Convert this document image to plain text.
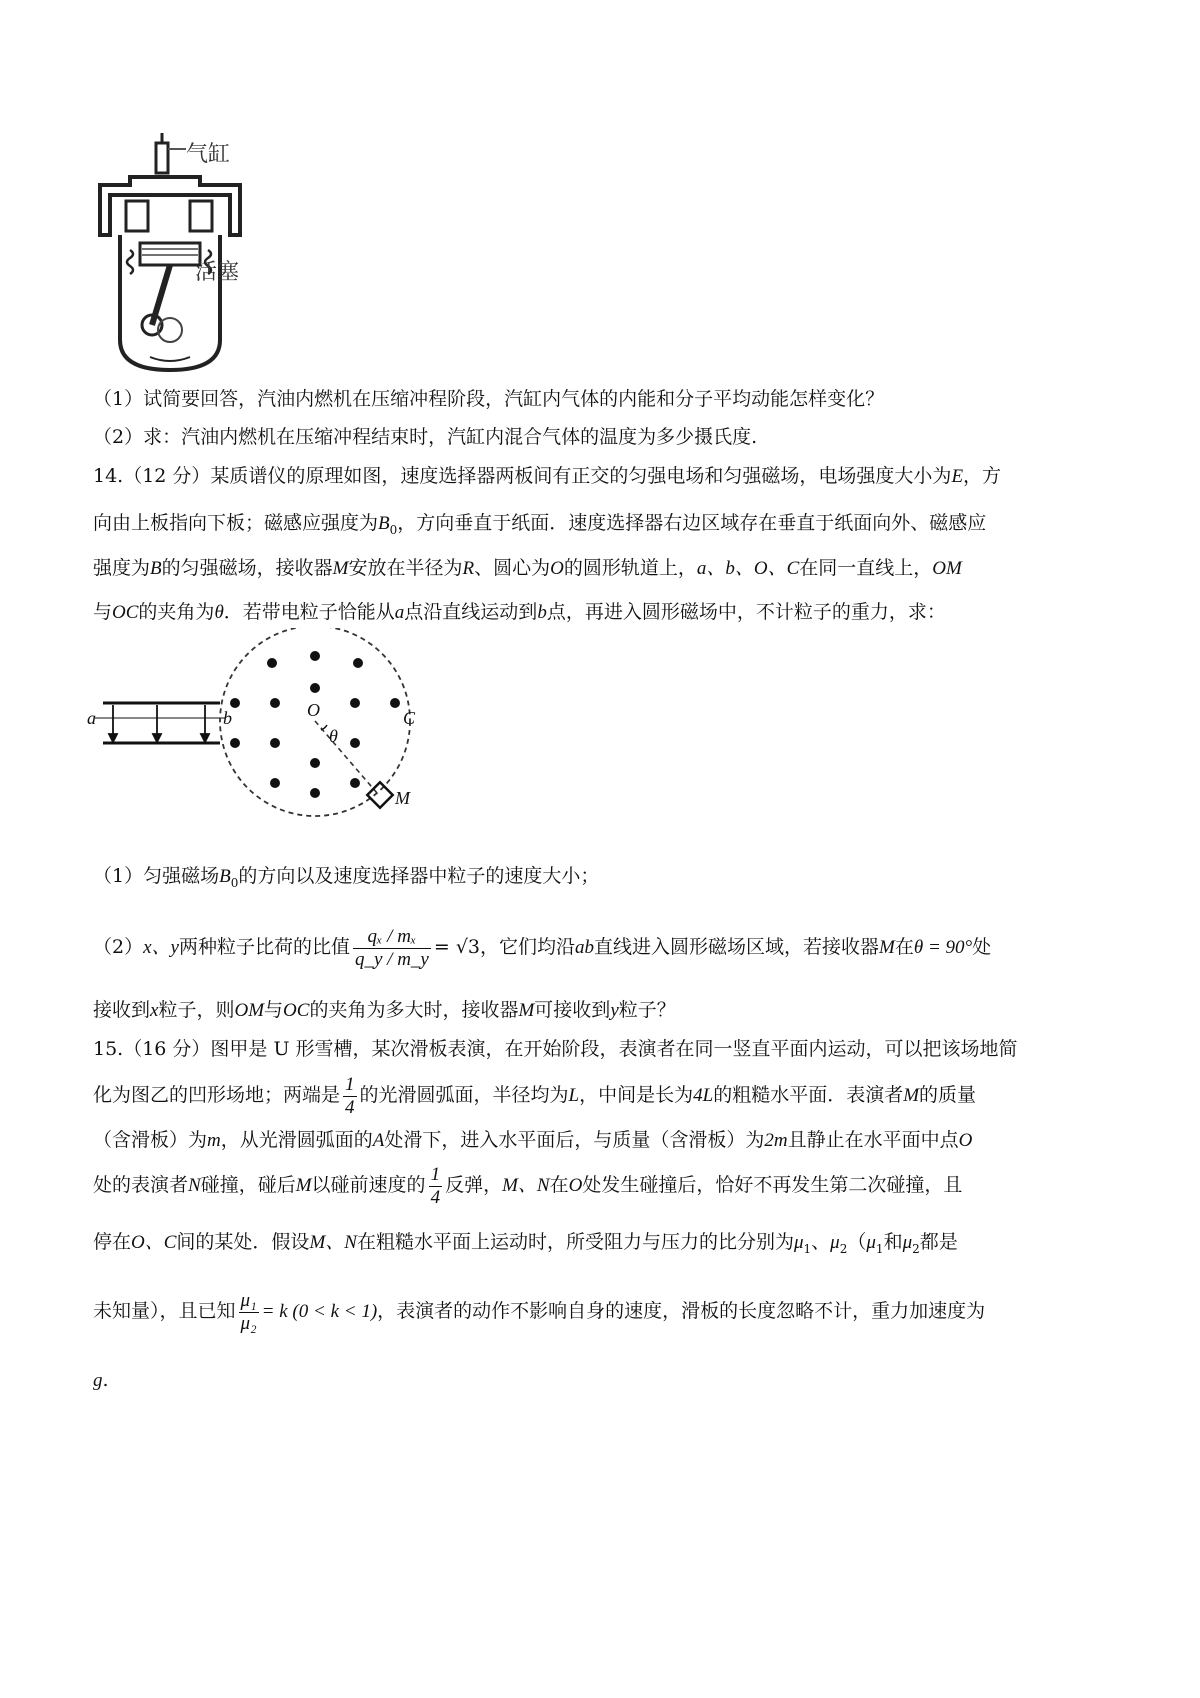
气缸
活塞
（1）试简要回答，汽油内燃机在压缩冲程阶段，汽缸内气体的内能和分子平均动能怎样变化？
（2）求：汽油内燃机在压缩冲程结束时，汽缸内混合气体的温度为多少摄氏度.
14.（12 分）某质谱仪的原理如图，速度选择器两板间有正交的匀强电场和匀强磁场，电场强度大小为E，方
向由上板指向下板；磁感应强度为$B_0$，方向垂直于纸面．速度选择器右边区域存在垂直于纸面向外、磁感应
强度为B的匀强磁场，接收器M安放在半径为R、圆心为O的圆形轨道上，a、b、O、C在同一直线上，OM
与OC的夹角为θ．若带电粒子恰能从a点沿直线运动到b点，再进入圆形磁场中，不计粒子的重力，求：
a	b	O	C
θ
M
（1）匀强磁场$B_0$的方向以及速度选择器中粒子的速度大小；
（2）x、y两种粒子比荷的比值 $\frac{\text{qₓ / mₓ}}{q\_y / m\_y} = √3$，它们均沿ab直线进入圆形磁场区域，若接收器M在θ = 90°处
接收到x粒子，则OM与OC的夹角为多大时，接收器M可接收到y粒子？
15.（16 分）图甲是 U 形雪槽，某次滑板表演，在开始阶段，表演者在同一竖直平面内运动，可以把该场地简
化为图乙的凹形场地；两端是 $\frac{1}{4}$ 的光滑圆弧面，半径均为L，中间是长为4L的粗糙水平面．表演者M的质量
（含滑板）为m，从光滑圆弧面的A处滑下，进入水平面后，与质量（含滑板）为2m且静止在水平面中点O
处的表演者N碰撞，碰后M以碰前速度的 $\frac{1}{4}$ 反弹，M、N在O处发生碰撞后，恰好不再发生第二次碰撞，且
停在O、C间的某处．假设M、N在粗糙水平面上运动时，所受阻力与压力的比分别为$\mu_1$、$\mu_2(\mu_1$和$\mu_2$都是
未知量），且已知 $\frac{\text{μ₁}}{\text{μ₂}} = k$ (0 < k < 1)，表演者的动作不影响自身的速度，滑板的长度忽略不计，重力加速度为
g.
